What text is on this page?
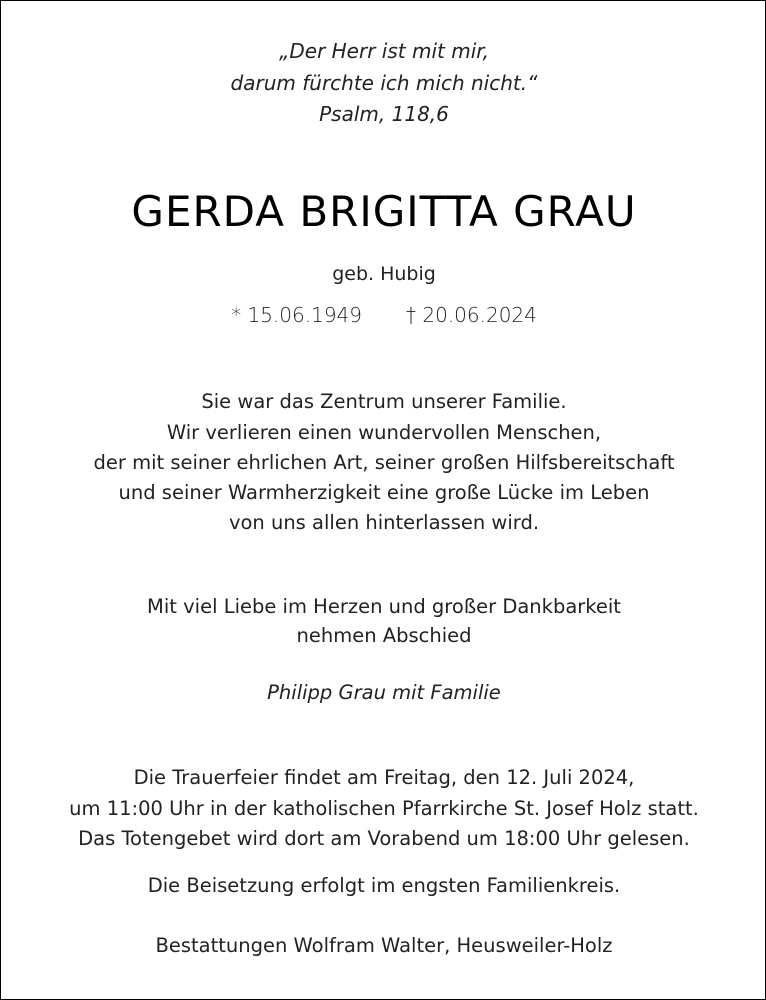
„Der Herr ist mit mir,
darum fürchte ich mich nicht.“
Psalm, 118,6
GERDA BRIGITTA GRAU
geb. Hubig
* 15.06.1949 † 20.06.2024
Sie war das Zentrum unserer Familie.
Wir verlieren einen wundervollen Menschen,
der mit seiner ehrlichen Art, seiner großen Hilfsbereitschaft
und seiner Warmherzigkeit eine große Lücke im Leben
von uns allen hinterlassen wird.
Mit viel Liebe im Herzen und großer Dankbarkeit
nehmen Abschied
Philipp Grau mit Familie
Die Trauerfeier findet am Freitag, den 12. Juli 2024,
um 11:00 Uhr in der katholischen Pfarrkirche St. Josef Holz statt.
Das Totengebet wird dort am Vorabend um 18:00 Uhr gelesen.
Die Beisetzung erfolgt im engsten Familienkreis.
Bestattungen Wolfram Walter, Heusweiler-Holz
